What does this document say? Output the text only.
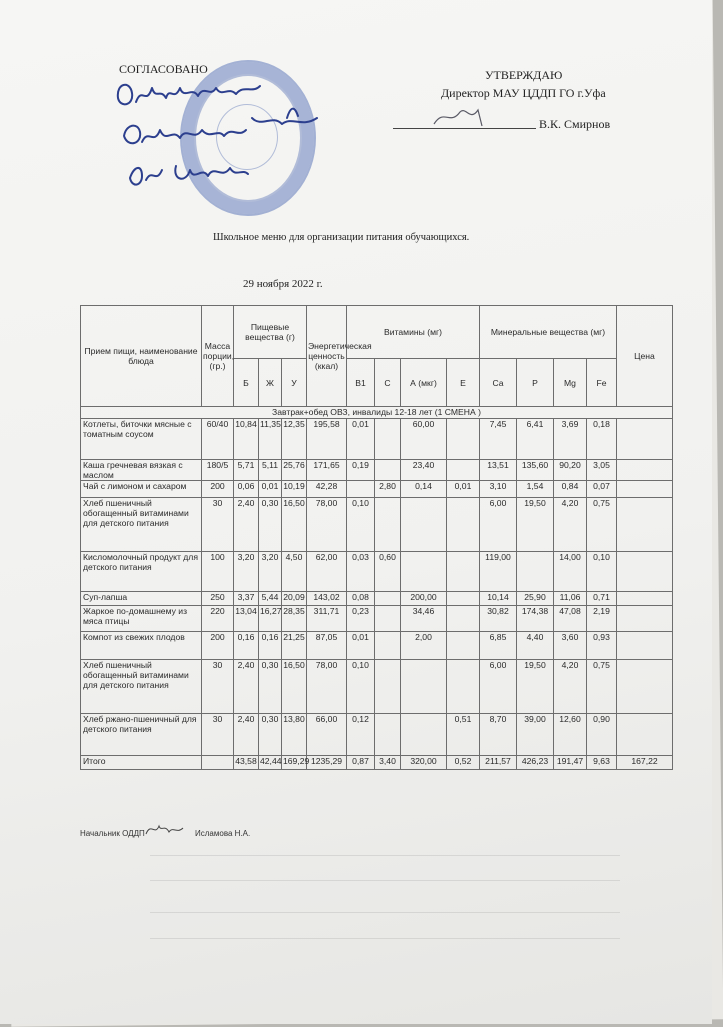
СОГЛАСОВАНО	УТВЕРЖДАЮ
Директор МАУ ЦДДП ГО г.Уфа
В.К. Смирнов
Школьное меню для организации питания обучающихся.
29 ноября 2022 г.
Прием пищи, наименование блюда	Масса порции, (гр.)	Пищевые вещества (г)			Энергетическая ценность (ккал)	Витамины (мг)				Минеральные вещества (мг)				Цена
		Б	Ж	У		B1	C	А (мкг)	E	Ca	P	Mg	Fe	
Завтрак+обед ОВЗ, инвалиды 12-18 лет (1 СМЕНА )														
Котлеты, биточки мясные с томатным соусом	60/40	10,84	11,35	12,35	195,58	0,01		60,00		7,45	6,41	3,69	0,18	
Каша гречневая вязкая с маслом	180/5	5,71	5,11	25,76	171,65	0,19		23,40		13,51	135,60	90,20	3,05	
Чай с лимоном и сахаром	200	0,06	0,01	10,19	42,28		2,80	0,14	0,01	3,10	1,54	0,84	0,07	
Хлеб пшеничный обогащенный витаминами для детского питания	30	2,40	0,30	16,50	78,00	0,10				6,00	19,50	4,20	0,75	
Кисломолочный продукт для детского питания	100	3,20	3,20	4,50	62,00	0,03	0,60			119,00		14,00	0,10	
Суп-лапша	250	3,37	5,44	20,09	143,02	0,08		200,00		10,14	25,90	11,06	0,71	
Жаркое по-домашнему из мяса птицы	220	13,04	16,27	28,35	311,71	0,23		34,46		30,82	174,38	47,08	2,19	
Компот из свежих плодов	200	0,16	0,16	21,25	87,05	0,01		2,00		6,85	4,40	3,60	0,93	
Хлеб пшеничный обогащенный витаминами для детского питания	30	2,40	0,30	16,50	78,00	0,10				6,00	19,50	4,20	0,75	
Хлеб ржано-пшеничный для детского питания	30	2,40	0,30	13,80	66,00	0,12			0,51	8,70	39,00	12,60	0,90	
Итого		43,58	42,44	169,29	1235,29	0,87	3,40	320,00	0,52	211,57	426,23	191,47	9,63	167,22
Начальник ОДДП	Исламова Н.А.
